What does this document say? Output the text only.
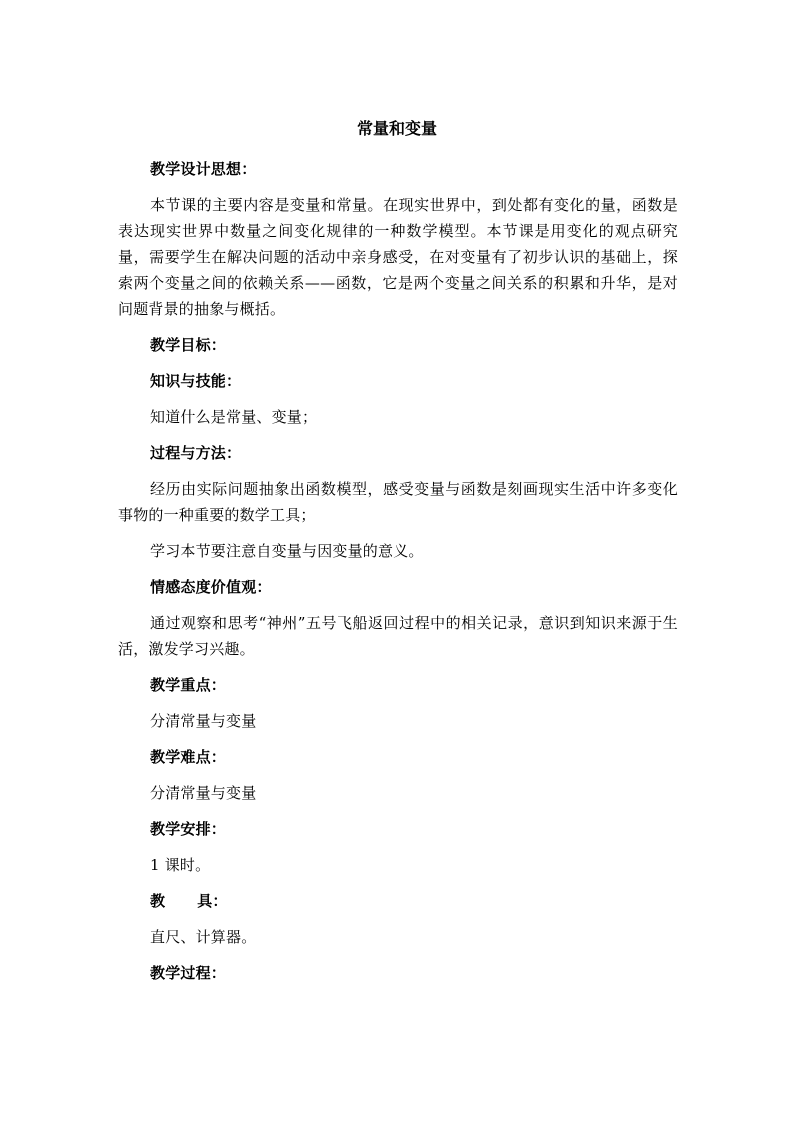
常量和变量

教学设计思想：

本节课的主要内容是变量和常量。在现实世界中，到处都有变化的量，函数是表达现实世界中数量之间变化规律的一种数学模型。本节课是用变化的观点研究量，需要学生在解决问题的活动中亲身感受，在对变量有了初步认识的基础上，探索两个变量之间的依赖关系——函数，它是两个变量之间关系的积累和升华，是对问题背景的抽象与概括。

教学目标：

知识与技能：

知道什么是常量、变量；

过程与方法：

经历由实际问题抽象出函数模型，感受变量与函数是刻画现实生活中许多变化事物的一种重要的数学工具；

学习本节要注意自变量与因变量的意义。

情感态度价值观：

通过观察和思考“神州”五号飞船返回过程中的相关记录，意识到知识来源于生活，激发学习兴趣。

教学重点：

分清常量与变量

教学难点：

分清常量与变量

教学安排：

1 课时。

教 具：

直尺、计算器。

教学过程：
